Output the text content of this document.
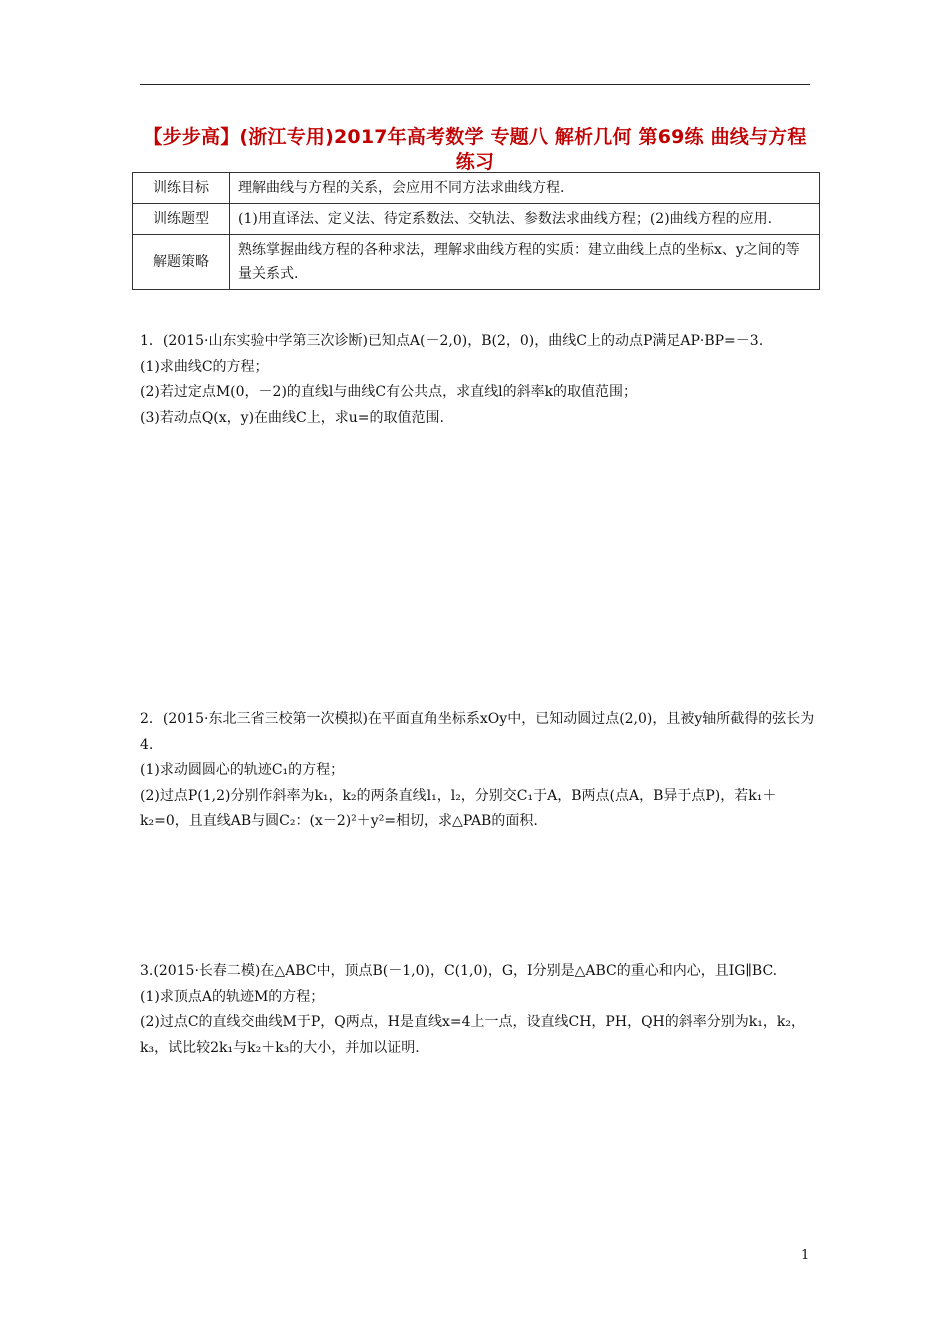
【步步高】(浙江专用)2017年高考数学 专题八 解析几何 第69练 曲线与方程练习
训练目标	理解曲线与方程的关系，会应用不同方法求曲线方程.
训练题型	(1)用直译法、定义法、待定系数法、交轨法、参数法求曲线方程；(2)曲线方程的应用.
解题策略	熟练掌握曲线方程的各种求法，理解求曲线方程的实质：建立曲线上点的坐标x、y之间的等量关系式.

1．(2015·山东实验中学第三次诊断)已知点A(－2,0)，B(2，0)，曲线C上的动点P满足AP·BP=－3.

(1)求曲线C的方程；

(2)若过定点M(0，－2)的直线l与曲线C有公共点，求直线l的斜率k的取值范围；

(3)若动点Q(x，y)在曲线C上，求u=的取值范围.

2．(2015·东北三省三校第一次模拟)在平面直角坐标系xOy中，已知动圆过点(2,0)，且被y轴所截得的弦长为4.

(1)求动圆圆心的轨迹C₁的方程；

(2)过点P(1,2)分别作斜率为k₁，k₂的两条直线l₁，l₂，分别交C₁于A，B两点(点A，B异于点P)，若k₁＋k₂=0，且直线AB与圆C₂：(x－2)²＋y²=相切，求△PAB的面积.

3.(2015·长春二模)在△ABC中，顶点B(－1,0)，C(1,0)，G，I分别是△ABC的重心和内心，且IG∥BC.

(1)求顶点A的轨迹M的方程；

(2)过点C的直线交曲线M于P，Q两点，H是直线x=4上一点，设直线CH，PH，QH的斜率分别为k₁，k₂，k₃，试比较2k₁与k₂＋k₃的大小，并加以证明.

1
